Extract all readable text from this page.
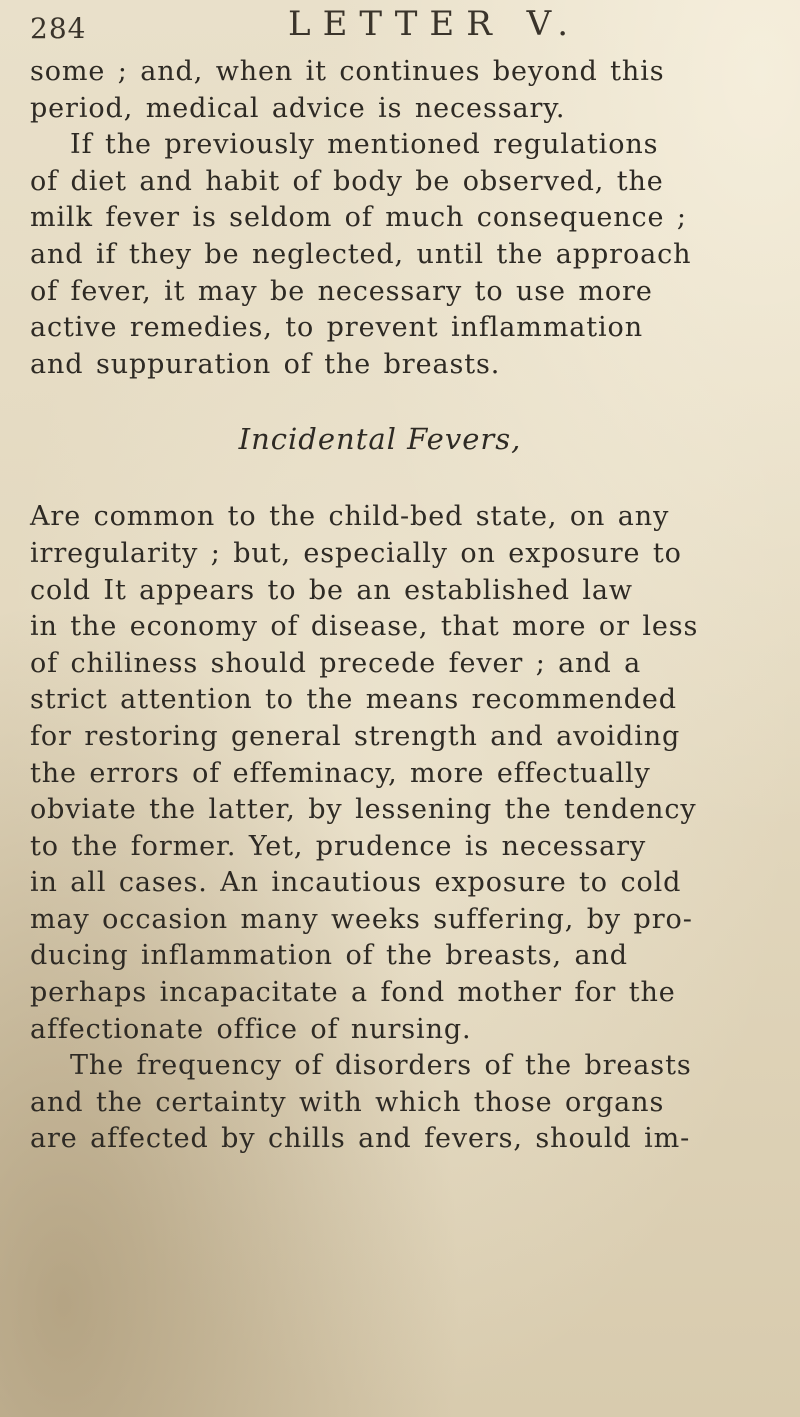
284	LETTER V.
some ; and, when it continues beyond this
period, medical advice is necessary.
If the previously mentioned regulations
of diet and habit of body be observed, the
milk fever is seldom of much consequence ;
and if they be neglected, until the approach
of fever, it may be necessary to use more
active remedies, to prevent inflammation
and suppuration of the breasts.
Incidental Fevers,
Are common to the child-bed state, on any
irregularity ; but, especially on exposure to
cold It appears to be an established law
in the economy of disease, that more or less
of chiliness should precede fever ; and a
strict attention to the means recommended
for restoring general strength and avoiding
the errors of effeminacy, more effectually
obviate the latter, by lessening the tendency
to the former. Yet, prudence is necessary
in all cases. An incautious exposure to cold
may occasion many weeks suffering, by pro-
ducing inflammation of the breasts, and
perhaps incapacitate a fond mother for the
affectionate office of nursing.
The frequency of disorders of the breasts
and the certainty with which those organs
are affected by chills and fevers, should im-
